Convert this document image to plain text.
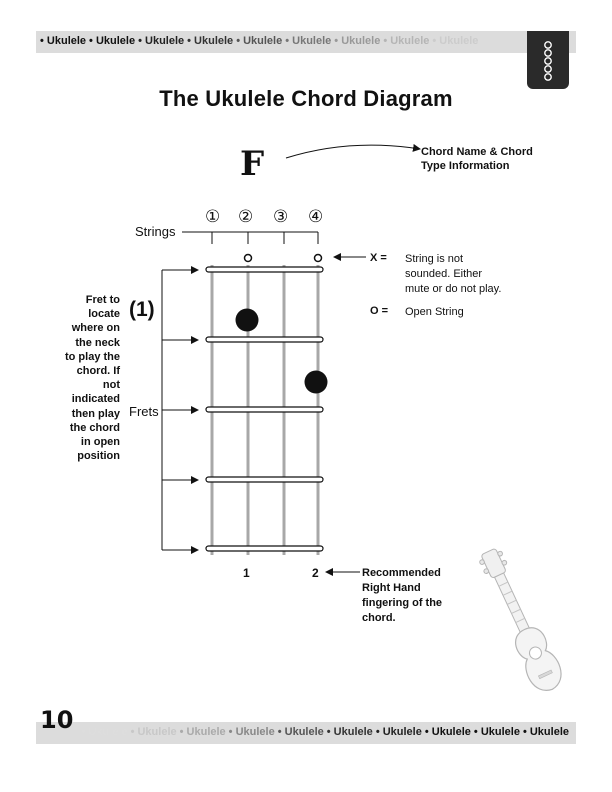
• Ukulele • Ukulele • Ukulele • Ukulele • Ukulele • Ukulele • Ukulele • Ukulele • Ukulele
The Ukulele Chord Diagram
F	Chord Name & Chord Type Information
① ② ③ ④
Strings
Frets
(1)
Fret to locate where on the neck to play the chord. If not indicated then play the chord in open position
X =	String is not sounded. Either mute or do not play.
O =	Open String
1	2	Recommended Right Hand fingering of the chord.
• Ukulele • Ukulele • Ukulele • Ukulele • Ukulele • Ukulele • Ukulele • Ukulele • Ukulele • Ukulele
10
